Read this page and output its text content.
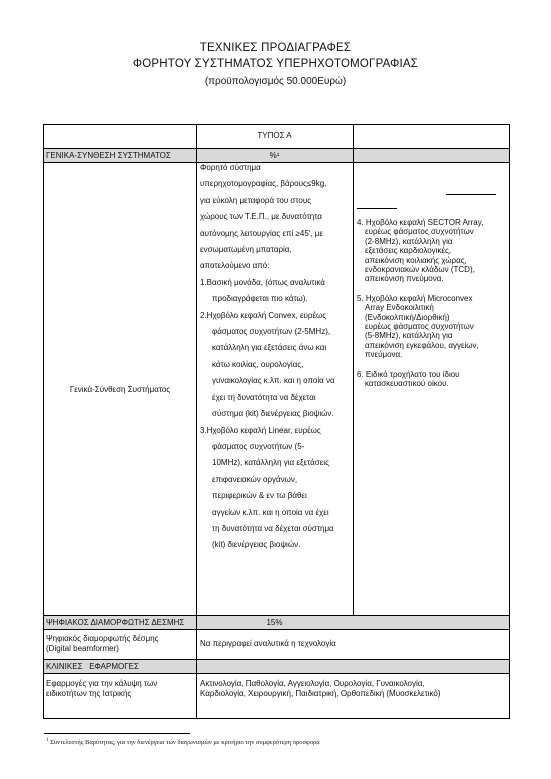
ΤΕΧΝΙΚΕΣ ΠΡΟΔΙΑΓΡΑΦΕΣ
ΦΟΡΗΤΟΥ ΣΥΣΤΗΜΑΤΟΣ ΥΠΕΡΗΧΟΤΟΜΟΓΡΑΦΙΑΣ
(προϋπολογισμός 50.000Ευρώ)
ΤΥΠΟΣ Α
ΓΕΝΙΚΑ-ΣΥΝΘΕΣΗ ΣΥΣΤΗΜΑΤΟΣ	%¹
Γενικά-Σύνθεση Συστήματος
Φορητό σύστημα
υπερηχοτομογραφίας, βάρους≤9kg,
για εύκολη μεταφορά του στους
χώρους των Τ.Ε.Π., με δυνατότητα
αυτόνομης λειτουργίας επί ≥45', με
ενσωματωμένη μπαταρία,
αποτελούμενο από:
1.Βασική μονάδα, (όπως αναλυτικά
προδιαγράφεται πιο κάτω).
2.Ηχοβόλο κεφαλή Convex, ευρέως
φάσματος συχνοτήτων (2-5MHz),
κατάλληλη για εξετάσεις άνω και
κάτω κοιλίας, ουρολογίας,
γυναικολογίας κ.λπ. και η οποία να
έχει τη δυνατότητα να δέχεται
σύστημα (kit) διενέργειας βιοψιών.
3.Ηχοβόλο κεφαλή Linear, ευρέως
φάσματος συχνοτήτων (5-
10MHz), κατάλληλη για εξετάσεις
επιφανειακών οργάνων,
περιφερικών & εν τω βάθει
αγγείων κ.λπ. και η οποία να έχει
τη δυνατότητα να δέχεται σύστημα
(kit) διενέργειας βιοψιών.

4. Ηχοβόλο κεφαλή SECTOR Array,
ευρέως φάσματος συχνοτήτων
(2-8MHz), κατάλληλη για
εξετάσεις καρδιολογικές,
απεικόνιση κοιλιακής χώρας,
ενδοκρανιακών κλάδων (TCD),
απεικόνιση πνεύμονα.

5. Ηχοβόλο κεφαλή Microconvex
Array Ενδοκοιλιτική
(Ενδοκολπική/Διορθική)
ευρέως φάσματος συχνοτήτων
(5-8MHz), κατάλληλη για
απεικόνιση εγκεφάλου, αγγείων,
πνεύμονα.

6. Ειδικό τροχήλατο του ίδιου
κατασκευαστικού οίκου.

ΨΗΦΙΑΚΟΣ ΔΙΑΜΟΡΦΩΤΗΣ ΔΕΣΜΗΣ	15%
Ψηφιακός διαμορφωτής δέσμης
(Digital beamformer)
Να περιγραφεί αναλυτικά η τεχνολογία
ΚΛΙΝΙΚΕΣ   ΕΦΑΡΜΟΓΕΣ
Εφαρμογές για την κάλυψη των
ειδικοτήτων της Ιατρικής
Ακτινολογία, Παθολογία, Αγγειολογία, Ουρολογία, Γυναικολογία,
Καρδιολογία, Χειρουργική, Παιδιατρική, Ορθοπεδική (Μυοσκελετικό)
$^1$ Συντελεστής Βαρύτητας, για την διενέργεια των διαγωνισμών με κριτήριο την συμφερότερη προσφορά
